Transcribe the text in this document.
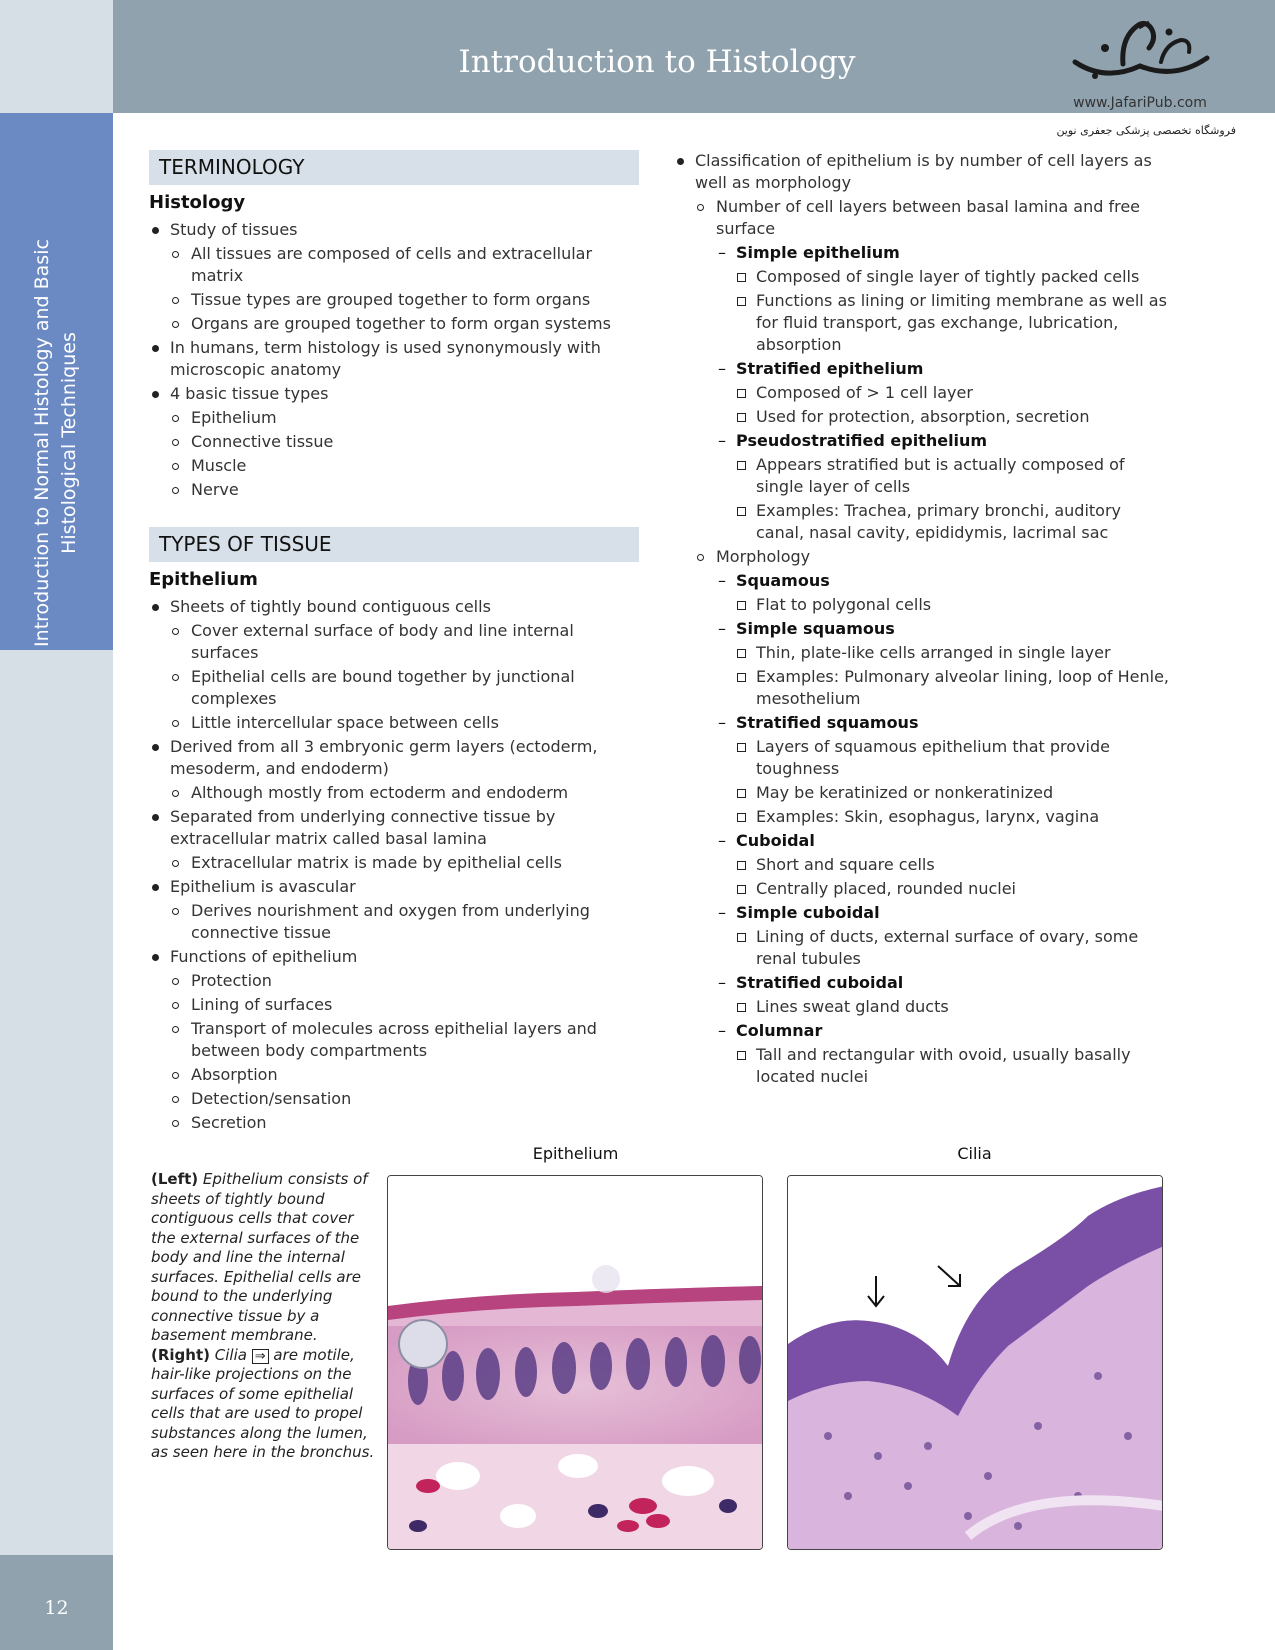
Introduction to Normal Histology and Basic Histological Techniques
12
Introduction to Histology
www.JafariPub.com
فروشگاه تخصصی پزشکی جعفری نوین
TERMINOLOGY
Histology
Study of tissues
All tissues are composed of cells and extracellular matrix
Tissue types are grouped together to form organs
Organs are grouped together to form organ systems
In humans, term histology is used synonymously with microscopic anatomy
4 basic tissue types
Epithelium
Connective tissue
Muscle
Nerve
TYPES OF TISSUE
Epithelium
Sheets of tightly bound contiguous cells
Cover external surface of body and line internal surfaces
Epithelial cells are bound together by junctional complexes
Little intercellular space between cells
Derived from all 3 embryonic germ layers (ectoderm, mesoderm, and endoderm)
Although mostly from ectoderm and endoderm
Separated from underlying connective tissue by extracellular matrix called basal lamina
Extracellular matrix is made by epithelial cells
Epithelium is avascular
Derives nourishment and oxygen from underlying connective tissue
Functions of epithelium
Protection
Lining of surfaces
Transport of molecules across epithelial layers and between body compartments
Absorption
Detection/sensation
Secretion
Classification of epithelium is by number of cell layers as well as morphology
Number of cell layers between basal lamina and free surface
– Simple epithelium
Composed of single layer of tightly packed cells
Functions as lining or limiting membrane as well as for fluid transport, gas exchange, lubrication, absorption
– Stratified epithelium
Composed of > 1 cell layer
Used for protection, absorption, secretion
– Pseudostratified epithelium
Appears stratified but is actually composed of single layer of cells
Examples: Trachea, primary bronchi, auditory canal, nasal cavity, epididymis, lacrimal sac
Morphology
– Squamous
Flat to polygonal cells
– Simple squamous
Thin, plate-like cells arranged in single layer
Examples: Pulmonary alveolar lining, loop of Henle, mesothelium
– Stratified squamous
Layers of squamous epithelium that provide toughness
May be keratinized or nonkeratinized
Examples: Skin, esophagus, larynx, vagina
– Cuboidal
Short and square cells
Centrally placed, rounded nuclei
– Simple cuboidal
Lining of ducts, external surface of ovary, some renal tubules
– Stratified cuboidal
Lines sweat gland ducts
– Columnar
Tall and rectangular with ovoid, usually basally located nuclei
Epithelium	Cilia
(Left) Epithelium consists of sheets of tightly bound contiguous cells that cover the external surfaces of the body and line the internal surfaces. Epithelial cells are bound to the underlying connective tissue by a basement membrane. (Right) Cilia ⇒ are motile, hair-like projections on the surfaces of some epithelial cells that are used to propel substances along the lumen, as seen here in the bronchus.
